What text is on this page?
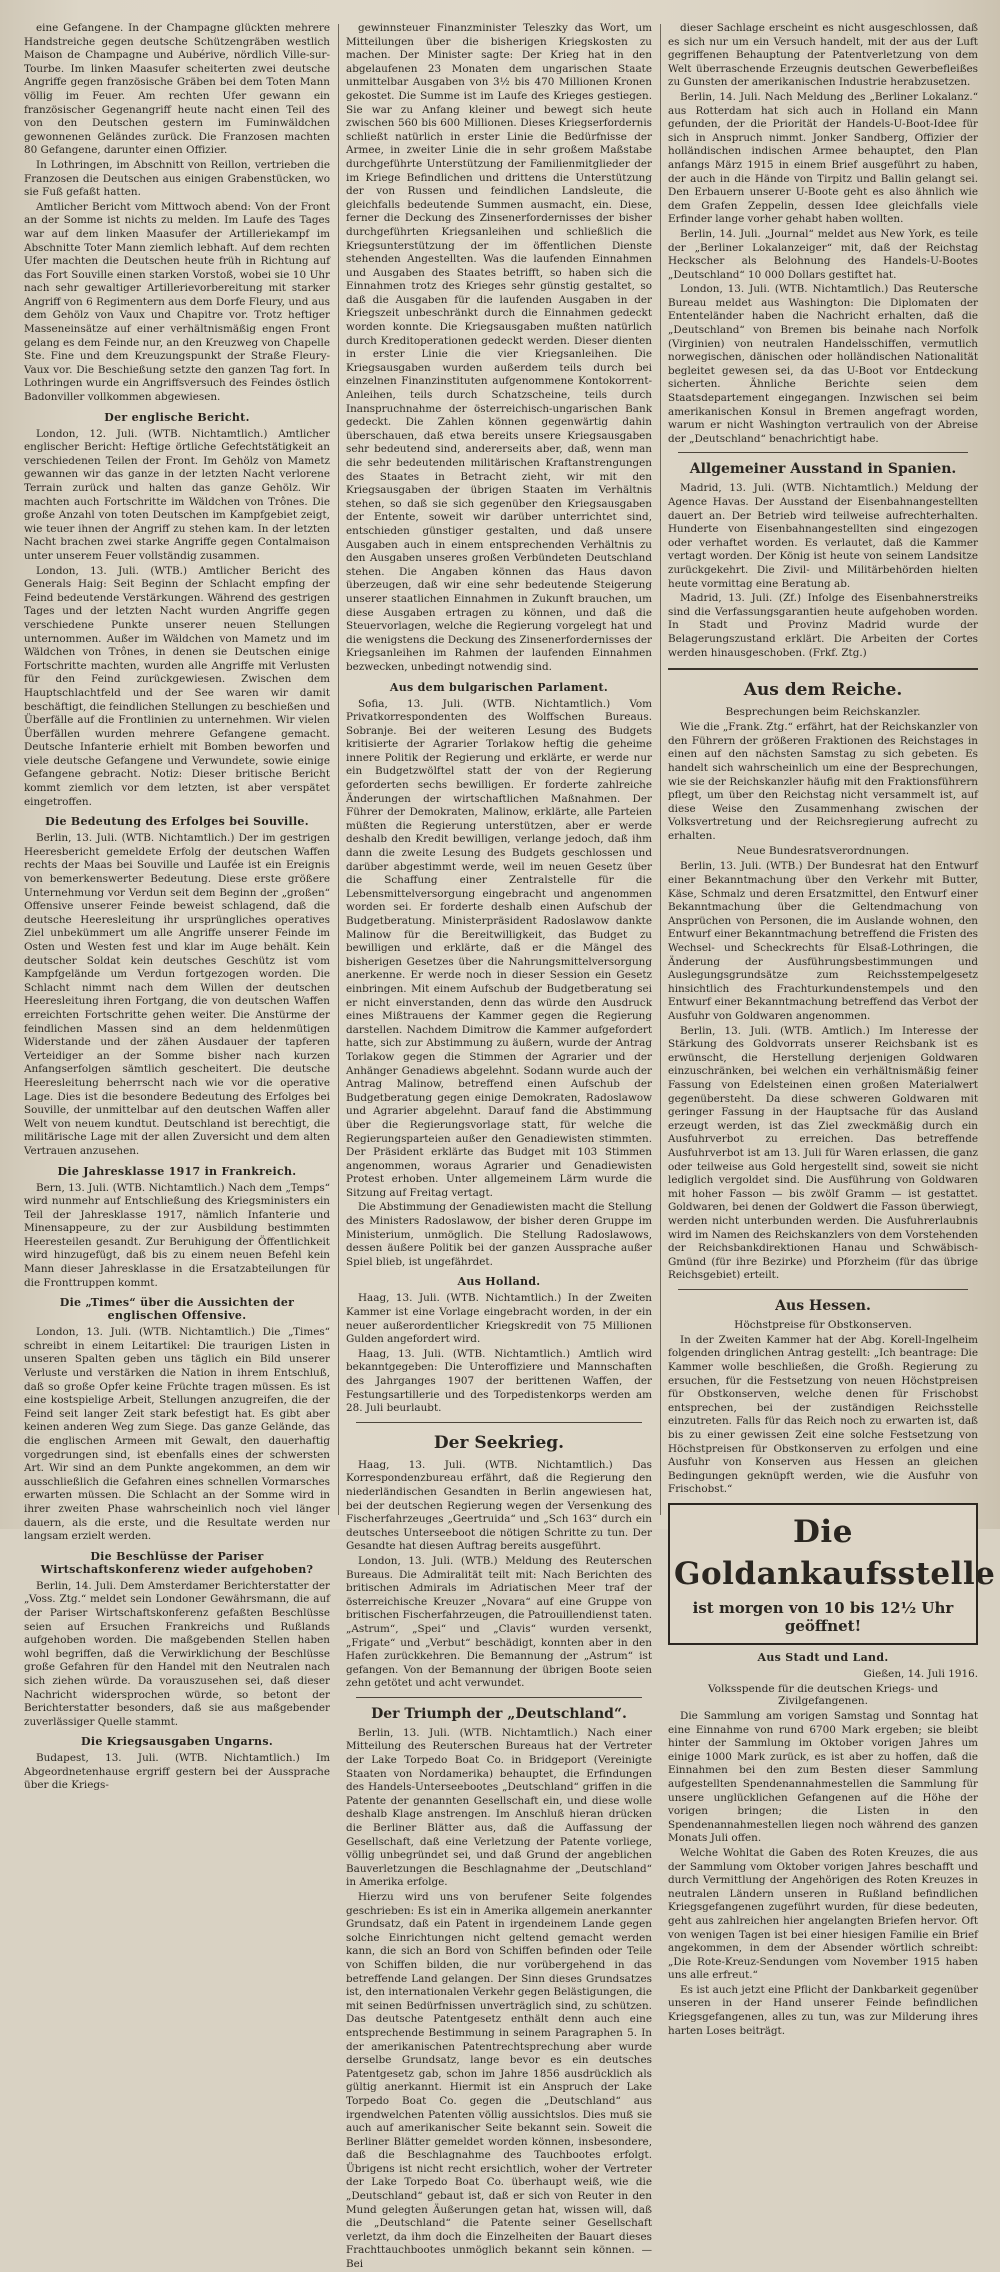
eine Gefangene. In der Champagne glückten mehrere Handstreiche gegen deutsche Schützengräben westlich Maison de Champagne und Aubérive, nördlich Ville-sur-Tourbe. Im linken Maasufer scheiterten zwei deutsche Angriffe gegen französische Gräben bei dem Toten Mann völlig im Feuer. Am rechten Ufer gewann ein französischer Gegenangriff heute nacht einen Teil des von den Deutschen gestern im Fuminwäldchen gewonnenen Geländes zurück. Die Franzosen machten 80 Gefangene, darunter einen Offizier.

In Lothringen, im Abschnitt von Reillon, vertrieben die Franzosen die Deutschen aus einigen Grabenstücken, wo sie Fuß gefaßt hatten.

Amtlicher Bericht vom Mittwoch abend: Von der Front an der Somme ist nichts zu melden. Im Laufe des Tages war auf dem linken Maasufer der Artilleriekampf im Abschnitte Toter Mann ziemlich lebhaft. Auf dem rechten Ufer machten die Deutschen heute früh in Richtung auf das Fort Souville einen starken Vorstoß, wobei sie 10 Uhr nach sehr gewaltiger Artillerievorbereitung mit starker Angriff von 6 Regimentern aus dem Dorfe Fleury, und aus dem Gehölz von Vaux und Chapitre vor. Trotz heftiger Masseneinsätze auf einer verhältnismäßig engen Front gelang es dem Feinde nur, an den Kreuzweg von Chapelle Ste. Fine und dem Kreuzungspunkt der Straße Fleury-Vaux vor. Die Beschießung setzte den ganzen Tag fort. In Lothringen wurde ein Angriffsversuch des Feindes östlich Badonviller vollkommen abgewiesen.

Der englische Bericht.

London, 12. Juli. (WTB. Nichtamtlich.) Amtlicher englischer Bericht: Heftige örtliche Gefechtstätigkeit an verschiedenen Teilen der Front. Im Gehölz von Mametz gewannen wir das ganze in der letzten Nacht verlorene Terrain zurück und halten das ganze Gehölz. Wir machten auch Fortschritte im Wäldchen von Trônes. Die große Anzahl von toten Deutschen im Kampfgebiet zeigt, wie teuer ihnen der Angriff zu stehen kam. In der letzten Nacht brachen zwei starke Angriffe gegen Contalmaison unter unserem Feuer vollständig zusammen.

London, 13. Juli. (WTB.) Amtlicher Bericht des Generals Haig: Seit Beginn der Schlacht empfing der Feind bedeutende Verstärkungen. Während des gestrigen Tages und der letzten Nacht wurden Angriffe gegen verschiedene Punkte unserer neuen Stellungen unternommen. Außer im Wäldchen von Mametz und im Wäldchen von Trônes, in denen sie Deutschen einige Fortschritte machten, wurden alle Angriffe mit Verlusten für den Feind zurückgewiesen. Zwischen dem Hauptschlachtfeld und der See waren wir damit beschäftigt, die feindlichen Stellungen zu beschießen und Überfälle auf die Frontlinien zu unternehmen. Wir vielen Überfällen wurden mehrere Gefangene gemacht. Deutsche Infanterie erhielt mit Bomben beworfen und viele deutsche Gefangene und Verwundete, sowie einige Gefangene gebracht. Notiz: Dieser britische Bericht kommt ziemlich vor dem letzten, ist aber verspätet eingetroffen.

Die Bedeutung des Erfolges bei Souville.

Berlin, 13. Juli. (WTB. Nichtamtlich.) Der im gestrigen Heeresbericht gemeldete Erfolg der deutschen Waffen rechts der Maas bei Souville und Laufée ist ein Ereignis von bemerkenswerter Bedeutung. Diese erste größere Unternehmung vor Verdun seit dem Beginn der „großen“ Offensive unserer Feinde beweist schlagend, daß die deutsche Heeresleitung ihr ursprüngliches operatives Ziel unbekümmert um alle Angriffe unserer Feinde im Osten und Westen fest und klar im Auge behält. Kein deutscher Soldat kein deutsches Geschütz ist vom Kampfgelände um Verdun fortgezogen worden. Die Schlacht nimmt nach dem Willen der deutschen Heeresleitung ihren Fortgang, die von deutschen Waffen erreichten Fortschritte gehen weiter. Die Anstürme der feindlichen Massen sind an dem heldenmütigen Widerstande und der zähen Ausdauer der tapferen Verteidiger an der Somme bisher nach kurzen Anfangserfolgen sämtlich gescheitert. Die deutsche Heeresleitung beherrscht nach wie vor die operative Lage. Dies ist die besondere Bedeutung des Erfolges bei Souville, der unmittelbar auf den deutschen Waffen aller Welt von neuem kundtut. Deutschland ist berechtigt, die militärische Lage mit der allen Zuversicht und dem alten Vertrauen anzusehen.

Die Jahresklasse 1917 in Frankreich.

Bern, 13. Juli. (WTB. Nichtamtlich.) Nach dem „Temps“ wird nunmehr auf Entschließung des Kriegsministers ein Teil der Jahresklasse 1917, nämlich Infanterie und Minensappeure, zu der zur Ausbildung bestimmten Heeresteilen gesandt. Zur Beruhigung der Öffentlichkeit wird hinzugefügt, daß bis zu einem neuen Befehl kein Mann dieser Jahresklasse in die Ersatzabteilungen für die Fronttruppen kommt.

Die „Times“ über die Aussichten der englischen Offensive.

London, 13. Juli. (WTB. Nichtamtlich.) Die „Times“ schreibt in einem Leitartikel: Die traurigen Listen in unseren Spalten geben uns täglich ein Bild unserer Verluste und verstärken die Nation in ihrem Entschluß, daß so große Opfer keine Früchte tragen müssen. Es ist eine kostspielige Arbeit, Stellungen anzugreifen, die der Feind seit langer Zeit stark befestigt hat. Es gibt aber keinen anderen Weg zum Siege. Das ganze Gelände, das die englischen Armeen mit Gewalt, den dauerhaftig vorgedrungen sind, ist ebenfalls eines der schwersten Art. Wir sind an dem Punkte angekommen, an dem wir ausschließlich die Gefahren eines schnellen Vormarsches erwarten müssen. Die Schlacht an der Somme wird in ihrer zweiten Phase wahrscheinlich noch viel länger dauern, als die erste, und die Resultate werden nur langsam erzielt werden.

Die Beschlüsse der Pariser Wirtschaftskonferenz wieder aufgehoben?

Berlin, 14. Juli. Dem Amsterdamer Berichterstatter der „Voss. Ztg.“ meldet sein Londoner Gewährsmann, die auf der Pariser Wirtschaftskonferenz gefaßten Beschlüsse seien auf Ersuchen Frankreichs und Rußlands aufgehoben worden. Die maßgebenden Stellen haben wohl begriffen, daß die Verwirklichung der Beschlüsse große Gefahren für den Handel mit den Neutralen nach sich ziehen würde. Da vorauszusehen sei, daß dieser Nachricht widersprochen würde, so betont der Berichterstatter besonders, daß sie aus maßgebender zuverlässiger Quelle stammt.

Die Kriegsausgaben Ungarns.

Budapest, 13. Juli. (WTB. Nichtamtlich.) Im Abgeordnetenhause ergriff gestern bei der Aussprache über die Kriegs-

gewinnsteuer Finanzminister Teleszky das Wort, um Mitteilungen über die bisherigen Kriegskosten zu machen. Der Minister sagte: Der Krieg hat in den abgelaufenen 23 Monaten dem ungarischen Staate unmittelbar Ausgaben von 3½ bis 470 Millionen Kronen gekostet. Die Summe ist im Laufe des Krieges gestiegen. Sie war zu Anfang kleiner und bewegt sich heute zwischen 560 bis 600 Millionen. Dieses Kriegserfordernis schließt natürlich in erster Linie die Bedürfnisse der Armee, in zweiter Linie die in sehr großem Maßstabe durchgeführte Unterstützung der Familienmitglieder der im Kriege Befindlichen und drittens die Unterstützung der von Russen und feindlichen Landsleute, die gleichfalls bedeutende Summen ausmacht, ein. Diese, ferner die Deckung des Zinsenerfordernisses der bisher durchgeführten Kriegsanleihen und schließlich die Kriegsunterstützung der im öffentlichen Dienste stehenden Angestellten. Was die laufenden Einnahmen und Ausgaben des Staates betrifft, so haben sich die Einnahmen trotz des Krieges sehr günstig gestaltet, so daß die Ausgaben für die laufenden Ausgaben in der Kriegszeit unbeschränkt durch die Einnahmen gedeckt worden konnte. Die Kriegsausgaben mußten natürlich durch Kreditoperationen gedeckt werden. Dieser dienten in erster Linie die vier Kriegsanleihen. Die Kriegsausgaben wurden außerdem teils durch bei einzelnen Finanzinstituten aufgenommene Kontokorrent-Anleihen, teils durch Schatzscheine, teils durch Inanspruchnahme der österreichisch-ungarischen Bank gedeckt. Die Zahlen können gegenwärtig dahin überschauen, daß etwa bereits unsere Kriegsausgaben sehr bedeutend sind, andererseits aber, daß, wenn man die sehr bedeutenden militärischen Kraftanstrengungen des Staates in Betracht zieht, wir mit den Kriegsausgaben der übrigen Staaten im Verhältnis stehen, so daß sie sich gegenüber den Kriegsausgaben der Entente, soweit wir darüber unterrichtet sind, entschieden günstiger gestalten, und daß unsere Ausgaben auch in einem entsprechenden Verhältnis zu den Ausgaben unseres großen Verbündeten Deutschland stehen. Die Angaben können das Haus davon überzeugen, daß wir eine sehr bedeutende Steigerung unserer staatlichen Einnahmen in Zukunft brauchen, um diese Ausgaben ertragen zu können, und daß die Steuervorlagen, welche die Regierung vorgelegt hat und die wenigstens die Deckung des Zinsenerfordernisses der Kriegsanleihen im Rahmen der laufenden Einnahmen bezwecken, unbedingt notwendig sind.

Aus dem bulgarischen Parlament.

Sofia, 13. Juli. (WTB. Nichtamtlich.) Vom Privatkorrespondenten des Wolffschen Bureaus. Sobranje. Bei der weiteren Lesung des Budgets kritisierte der Agrarier Torlakow heftig die geheime innere Politik der Regierung und erklärte, er werde nur ein Budgetzwölftel statt der von der Regierung geforderten sechs bewilligen. Er forderte zahlreiche Änderungen der wirtschaftlichen Maßnahmen. Der Führer der Demokraten, Malinow, erklärte, alle Parteien müßten die Regierung unterstützen, aber er werde deshalb den Kredit bewilligen, verlange jedoch, daß ihm dann die zweite Lesung des Budgets geschlossen und darüber abgestimmt werde, weil im neuen Gesetz über die Schaffung einer Zentralstelle für die Lebensmittelversorgung eingebracht und angenommen worden sei. Er forderte deshalb einen Aufschub der Budgetberatung. Ministerpräsident Radoslawow dankte Malinow für die Bereitwilligkeit, das Budget zu bewilligen und erklärte, daß er die Mängel des bisherigen Gesetzes über die Nahrungsmittelversorgung anerkenne. Er werde noch in dieser Session ein Gesetz einbringen. Mit einem Aufschub der Budgetberatung sei er nicht einverstanden, denn das würde den Ausdruck eines Mißtrauens der Kammer gegen die Regierung darstellen. Nachdem Dimitrow die Kammer aufgefordert hatte, sich zur Abstimmung zu äußern, wurde der Antrag Torlakow gegen die Stimmen der Agrarier und der Anhänger Genadiews abgelehnt. Sodann wurde auch der Antrag Malinow, betreffend einen Aufschub der Budgetberatung gegen einige Demokraten, Radoslawow und Agrarier abgelehnt. Darauf fand die Abstimmung über die Regierungsvorlage statt, für welche die Regierungsparteien außer den Genadiewisten stimmten. Der Präsident erklärte das Budget mit 103 Stimmen angenommen, woraus Agrarier und Genadiewisten Protest erhoben. Unter allgemeinem Lärm wurde die Sitzung auf Freitag vertagt.

Die Abstimmung der Genadiewisten macht die Stellung des Ministers Radoslawow, der bisher deren Gruppe im Ministerium, unmöglich. Die Stellung Radoslawows, dessen äußere Politik bei der ganzen Aussprache außer Spiel blieb, ist ungefährdet.

Aus Holland.

Haag, 13. Juli. (WTB. Nichtamtlich.) In der Zweiten Kammer ist eine Vorlage eingebracht worden, in der ein neuer außerordentlicher Kriegskredit von 75 Millionen Gulden angefordert wird.

Haag, 13. Juli. (WTB. Nichtamtlich.) Amtlich wird bekanntgegeben: Die Unteroffiziere und Mannschaften des Jahrganges 1907 der berittenen Waffen, der Festungsartillerie und des Torpedistenkorps werden am 28. Juli beurlaubt.

Der Seekrieg.

Haag, 13. Juli. (WTB. Nichtamtlich.) Das Korrespondenzbureau erfährt, daß die Regierung den niederländischen Gesandten in Berlin angewiesen hat, bei der deutschen Regierung wegen der Versenkung des Fischerfahrzeuges „Geertruida“ und „Sch 163“ durch ein deutsches Unterseeboot die nötigen Schritte zu tun. Der Gesandte hat diesen Auftrag bereits ausgeführt.

London, 13. Juli. (WTB.) Meldung des Reuterschen Bureaus. Die Admiralität teilt mit: Nach Berichten des britischen Admirals im Adriatischen Meer traf der österreichische Kreuzer „Novara“ auf eine Gruppe von britischen Fischerfahrzeugen, die Patrouillendienst taten. „Astrum“, „Spei“ und „Clavis“ wurden versenkt, „Frigate“ und „Verbut“ beschädigt, konnten aber in den Hafen zurückkehren. Die Bemannung der „Astrum“ ist gefangen. Von der Bemannung der übrigen Boote seien zehn getötet und acht verwundet.

Der Triumph der „Deutschland“.

Berlin, 13. Juli. (WTB. Nichtamtlich.) Nach einer Mitteilung des Reuterschen Bureaus hat der Vertreter der Lake Torpedo Boat Co. in Bridgeport (Vereinigte Staaten von Nordamerika) behauptet, die Erfindungen des Handels-Unterseebootes „Deutschland“ griffen in die Patente der genannten Gesellschaft ein, und diese wolle deshalb Klage anstrengen. Im Anschluß hieran drücken die Berliner Blätter aus, daß die Auffassung der Gesellschaft, daß eine Verletzung der Patente vorliege, völlig unbegründet sei, und daß Grund der angeblichen Bauverletzungen die Beschlagnahme der „Deutschland“ in Amerika erfolge.

Hierzu wird uns von berufener Seite folgendes geschrieben: Es ist ein in Amerika allgemein anerkannter Grundsatz, daß ein Patent in irgendeinem Lande gegen solche Einrichtungen nicht geltend gemacht werden kann, die sich an Bord von Schiffen befinden oder Teile von Schiffen bilden, die nur vorübergehend in das betreffende Land gelangen. Der Sinn dieses Grundsatzes ist, den internationalen Verkehr gegen Belästigungen, die mit seinen Bedürfnissen unverträglich sind, zu schützen. Das deutsche Patentgesetz enthält denn auch eine entsprechende Bestimmung in seinem Paragraphen 5. In der amerikanischen Patentrechtsprechung aber wurde derselbe Grundsatz, lange bevor es ein deutsches Patentgesetz gab, schon im Jahre 1856 ausdrücklich als gültig anerkannt. Hiermit ist ein Anspruch der Lake Torpedo Boat Co. gegen die „Deutschland“ aus irgendwelchen Patenten völlig aussichtslos. Dies muß sie auch auf amerikanischer Seite bekannt sein. Soweit die Berliner Blätter gemeldet worden können, insbesondere, daß die Beschlagnahme des Tauchbootes erfolgt. Übrigens ist nicht recht ersichtlich, woher der Vertreter der Lake Torpedo Boat Co. überhaupt weiß, wie die „Deutschland“ gebaut ist, daß er sich von Reuter in den Mund gelegten Äußerungen getan hat, wissen will, daß die „Deutschland“ die Patente seiner Gesellschaft verletzt, da ihm doch die Einzelheiten der Bauart dieses Frachttauchbootes unmöglich bekannt sein können. — Bei

dieser Sachlage erscheint es nicht ausgeschlossen, daß es sich nur um ein Versuch handelt, mit der aus der Luft gegriffenen Behauptung der Patentverletzung von dem Welt überraschende Erzeugnis deutschen Gewerbefleißes zu Gunsten der amerikanischen Industrie herabzusetzen.

Berlin, 14. Juli. Nach Meldung des „Berliner Lokalanz.“ aus Rotterdam hat sich auch in Holland ein Mann gefunden, der die Priorität der Handels-U-Boot-Idee für sich in Anspruch nimmt. Jonker Sandberg, Offizier der holländischen indischen Armee behauptet, den Plan anfangs März 1915 in einem Brief ausgeführt zu haben, der auch in die Hände von Tirpitz und Ballin gelangt sei. Den Erbauern unserer U-Boote geht es also ähnlich wie dem Grafen Zeppelin, dessen Idee gleichfalls viele Erfinder lange vorher gehabt haben wollten.

Berlin, 14. Juli. „Journal“ meldet aus New York, es teile der „Berliner Lokalanzeiger“ mit, daß der Reichstag Heckscher als Belohnung des Handels-U-Bootes „Deutschland“ 10 000 Dollars gestiftet hat.

London, 13. Juli. (WTB. Nichtamtlich.) Das Reutersche Bureau meldet aus Washington: Die Diplomaten der Ententeländer haben die Nachricht erhalten, daß die „Deutschland“ von Bremen bis beinahe nach Norfolk (Virginien) von neutralen Handelsschiffen, vermutlich norwegischen, dänischen oder holländischen Nationalität begleitet gewesen sei, da das U-Boot vor Entdeckung sicherten. Ähnliche Berichte seien dem Staatsdepartement eingegangen. Inzwischen sei beim amerikanischen Konsul in Bremen angefragt worden, warum er nicht Washington vertraulich von der Abreise der „Deutschland“ benachrichtigt habe.

Allgemeiner Ausstand in Spanien.

Madrid, 13. Juli. (WTB. Nichtamtlich.) Meldung der Agence Havas. Der Ausstand der Eisenbahnangestellten dauert an. Der Betrieb wird teilweise aufrechterhalten. Hunderte von Eisenbahnangestellten sind eingezogen oder verhaftet worden. Es verlautet, daß die Kammer vertagt worden. Der König ist heute von seinem Landsitze zurückgekehrt. Die Zivil- und Militärbehörden hielten heute vormittag eine Beratung ab.

Madrid, 13. Juli. (Zf.) Infolge des Eisenbahnerstreiks sind die Verfassungsgarantien heute aufgehoben worden. In Stadt und Provinz Madrid wurde der Belagerungszustand erklärt. Die Arbeiten der Cortes werden hinausgeschoben. (Frkf. Ztg.)

Aus dem Reiche.
Besprechungen beim Reichskanzler.

Wie die „Frank. Ztg.“ erfährt, hat der Reichskanzler von den Führern der größeren Fraktionen des Reichstages in einen auf den nächsten Samstag zu sich gebeten. Es handelt sich wahrscheinlich um eine der Besprechungen, wie sie der Reichskanzler häufig mit den Fraktionsführern pflegt, um über den Reichstag nicht versammelt ist, auf diese Weise den Zusammenhang zwischen der Volksvertretung und der Reichsregierung aufrecht zu erhalten.

Neue Bundesratsverordnungen.

Berlin, 13. Juli. (WTB.) Der Bundesrat hat den Entwurf einer Bekanntmachung über den Verkehr mit Butter, Käse, Schmalz und deren Ersatzmittel, den Entwurf einer Bekanntmachung über die Geltendmachung von Ansprüchen von Personen, die im Auslande wohnen, den Entwurf einer Bekanntmachung betreffend die Fristen des Wechsel- und Scheckrechts für Elsaß-Lothringen, die Änderung der Ausführungsbestimmungen und Auslegungsgrundsätze zum Reichsstempelgesetz hinsichtlich des Frachturkundenstempels und den Entwurf einer Bekanntmachung betreffend das Verbot der Ausfuhr von Goldwaren angenommen.

Berlin, 13. Juli. (WTB. Amtlich.) Im Interesse der Stärkung des Goldvorrats unserer Reichsbank ist es erwünscht, die Herstellung derjenigen Goldwaren einzuschränken, bei welchen ein verhältnismäßig feiner Fassung von Edelsteinen einen großen Materialwert gegenübersteht. Da diese schweren Goldwaren mit geringer Fassung in der Hauptsache für das Ausland erzeugt werden, ist das Ziel zweckmäßig durch ein Ausfuhrverbot zu erreichen. Das betreffende Ausfuhrverbot ist am 13. Juli für Waren erlassen, die ganz oder teilweise aus Gold hergestellt sind, soweit sie nicht lediglich vergoldet sind. Die Ausführung von Goldwaren mit hoher Fasson — bis zwölf Gramm — ist gestattet. Goldwaren, bei denen der Goldwert die Fasson überwiegt, werden nicht unterbunden werden. Die Ausfuhrerlaubnis wird im Namen des Reichskanzlers von dem Vorstehenden der Reichsbankdirektionen Hanau und Schwäbisch-Gmünd (für ihre Bezirke) und Pforzheim (für das übrige Reichsgebiet) erteilt.

Aus Hessen.
Höchstpreise für Obstkonserven.

In der Zweiten Kammer hat der Abg. Korell-Ingelheim folgenden dringlichen Antrag gestellt: „Ich beantrage: Die Kammer wolle beschließen, die Großh. Regierung zu ersuchen, für die Festsetzung von neuen Höchstpreisen für Obstkonserven, welche denen für Frischobst entsprechen, bei der zuständigen Reichsstelle einzutreten. Falls für das Reich noch zu erwarten ist, daß bis zu einer gewissen Zeit eine solche Festsetzung von Höchstpreisen für Obstkonserven zu erfolgen und eine Ausfuhr von Konserven aus Hessen an gleichen Bedingungen geknüpft werden, wie die Ausfuhr von Frischobst.“

Die Goldankaufsstelle
ist morgen von 10 bis 12½ Uhr geöffnet!
Aus Stadt und Land.
Gießen, 14. Juli 1916.
Volksspende für die deutschen Kriegs- und Zivilgefangenen.

Die Sammlung am vorigen Samstag und Sonntag hat eine Einnahme von rund 6700 Mark ergeben; sie bleibt hinter der Sammlung im Oktober vorigen Jahres um einige 1000 Mark zurück, es ist aber zu hoffen, daß die Einnahmen bei den zum Besten dieser Sammlung aufgestellten Spendenannahmestellen die Sammlung für unsere unglücklichen Gefangenen auf die Höhe der vorigen bringen; die Listen in den Spendenannahmestellen liegen noch während des ganzen Monats Juli offen.

Welche Wohltat die Gaben des Roten Kreuzes, die aus der Sammlung vom Oktober vorigen Jahres beschafft und durch Vermittlung der Angehörigen des Roten Kreuzes in neutralen Ländern unseren in Rußland befindlichen Kriegsgefangenen zugeführt wurden, für diese bedeuten, geht aus zahlreichen hier angelangten Briefen hervor. Oft von wenigen Tagen ist bei einer hiesigen Familie ein Brief angekommen, in dem der Absender wörtlich schreibt: „Die Rote-Kreuz-Sendungen vom November 1915 haben uns alle erfreut.“

Es ist auch jetzt eine Pflicht der Dankbarkeit gegenüber unseren in der Hand unserer Feinde befindlichen Kriegsgefangenen, alles zu tun, was zur Milderung ihres harten Loses beiträgt.
